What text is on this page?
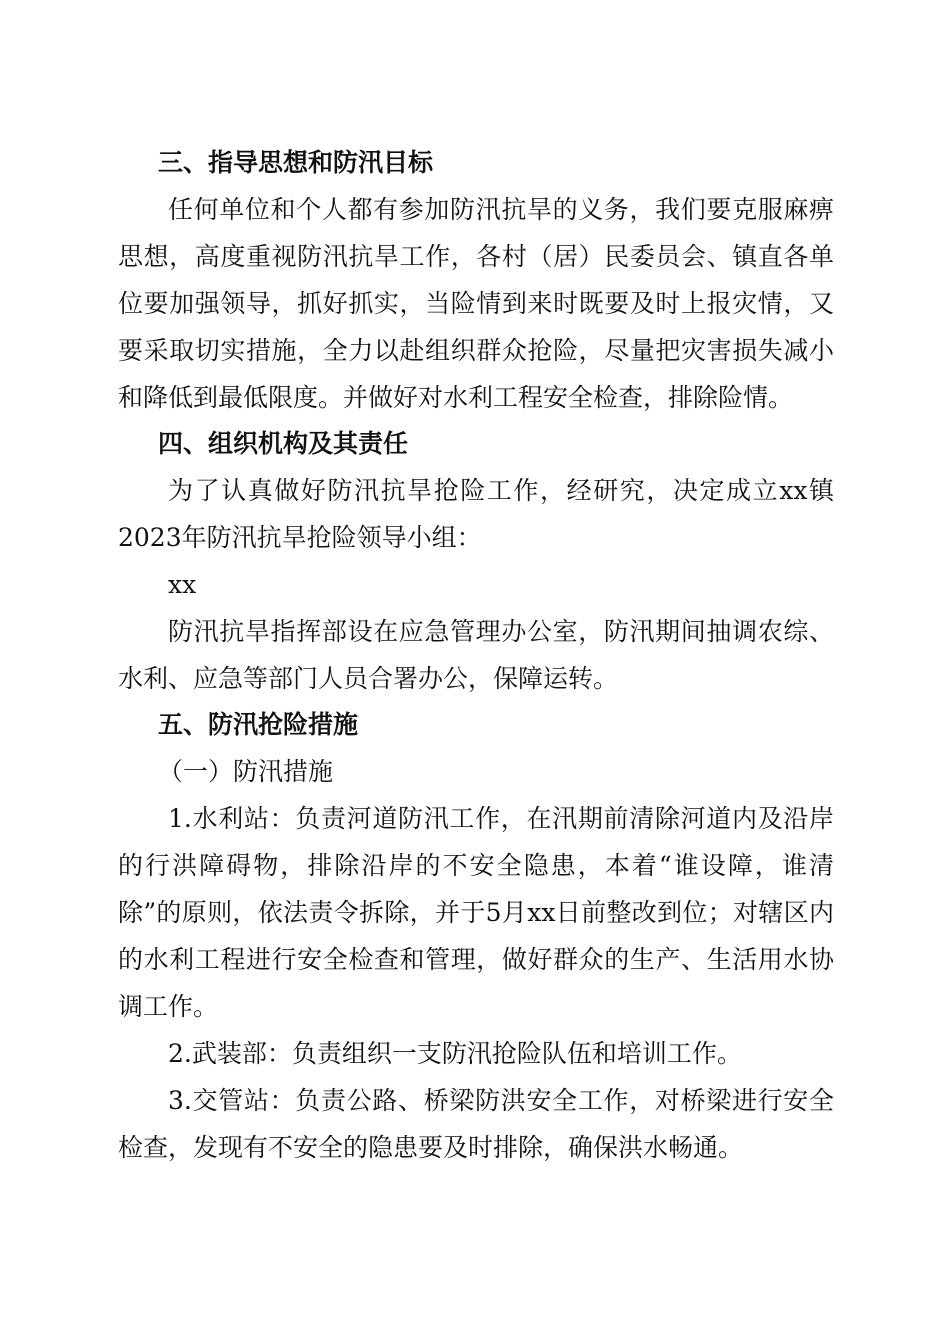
三、指导思想和防汛目标

任何单位和个人都有参加防汛抗旱的义务，我们要克服麻痹思想，高度重视防汛抗旱工作，各村（居）民委员会、镇直各单位要加强领导，抓好抓实，当险情到来时既要及时上报灾情，又要采取切实措施，全力以赴组织群众抢险，尽量把灾害损失减小和降低到最低限度。并做好对水利工程安全检查，排除险情。

四、组织机构及其责任

为了认真做好防汛抗旱抢险工作，经研究，决定成立xx镇2023年防汛抗旱抢险领导小组：

xx

防汛抗旱指挥部设在应急管理办公室，防汛期间抽调农综、水利、应急等部门人员合署办公，保障运转。

五、防汛抢险措施

（一）防汛措施

1.水利站：负责河道防汛工作，在汛期前清除河道内及沿岸的行洪障碍物，排除沿岸的不安全隐患，本着“谁设障，谁清除”的原则，依法责令拆除，并于5月xx日前整改到位；对辖区内的水利工程进行安全检查和管理，做好群众的生产、生活用水协调工作。

2.武装部：负责组织一支防汛抢险队伍和培训工作。

3.交管站：负责公路、桥梁防洪安全工作，对桥梁进行安全检查，发现有不安全的隐患要及时排除，确保洪水畅通。
